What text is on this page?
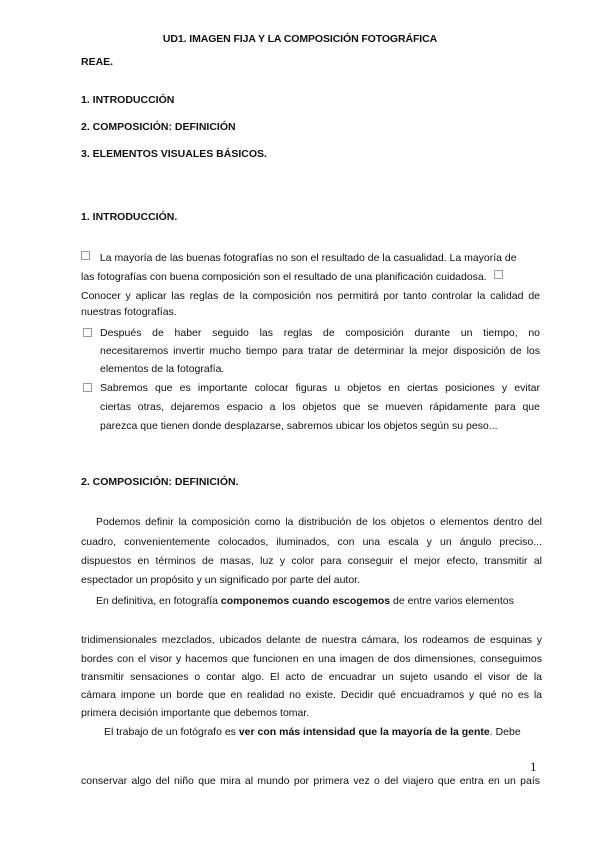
UD1. IMAGEN FIJA Y LA COMPOSICIÓN FOTOGRÁFICA
REAE.
1. INTRODUCCIÓN
2. COMPOSICIÓN: DEFINICIÓN
3. ELEMENTOS VISUALES BÁSICOS.
1. INTRODUCCIÓN.
La mayoría de las buenas fotografías no son el resultado de la casualidad. La mayoría de
las fotografías con buena composición son el resultado de una planificación cuidadosa.
Conocer y aplicar las reglas de la composición nos permitirá por tanto controlar la calidad de
nuestras fotografías.
Después de haber seguido las reglas de composición durante un tiempo, no
necesitaremos invertir mucho tiempo para tratar de determinar la mejor disposición de los
elementos de la fotografía.
Sabremos que es importante colocar figuras u objetos en ciertas posiciones y evitar
ciertas otras, dejaremos espacio a los objetos que se mueven rápidamente para que
parezca que tienen donde desplazarse, sabremos ubicar los objetos según su peso...
2. COMPOSICIÓN: DEFINICIÓN.
Podemos definir la composición como la distribución de los objetos o elementos dentro del
cuadro, convenientemente colocados, iluminados, con una escala y un ángulo preciso...
dispuestos en términos de masas, luz y color para conseguir el mejor efecto, transmitir al
espectador un propósito y un significado por parte del autor.
En definitiva, en fotografía componemos cuando escogemos de entre varios elementos
tridimensionales mezclados, ubicados delante de nuestra cámara, los rodeamos de esquinas y
bordes con el visor y hacemos que funcionen en una imagen de dos dimensiones, conseguimos
transmitir sensaciones o contar algo. El acto de encuadrar un sujeto usando el visor de la
cámara impone un borde que en realidad no existe. Decidir qué encuadramos y qué no es la
primera decisión importante que debemos tomar.
El trabajo de un fotógrafo es ver con más intensidad que la mayoría de la gente. Debe
1
conservar algo del niño que mira al mundo por primera vez o del viajero que entra en un país
